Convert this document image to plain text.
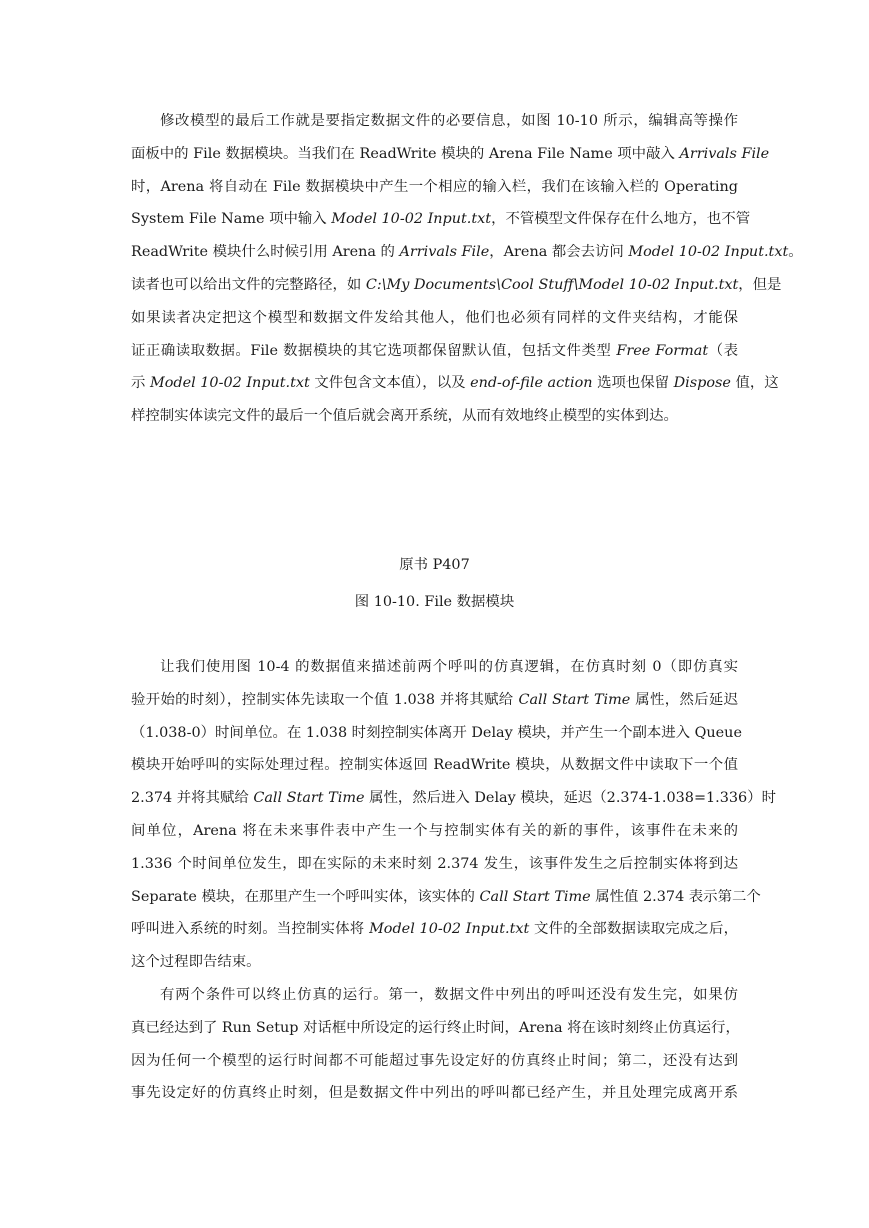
修改模型的最后工作就是要指定数据文件的必要信息，如图 10-10 所示，编辑高等操作
面板中的 File 数据模块。当我们在 ReadWrite 模块的 Arena File Name 项中敲入 Arrivals File
时，Arena 将自动在 File 数据模块中产生一个相应的输入栏，我们在该输入栏的 Operating
System File Name 项中输入 Model 10-02 Input.txt，不管模型文件保存在什么地方，也不管
ReadWrite 模块什么时候引用 Arena 的 Arrivals File，Arena 都会去访问 Model 10-02 Input.txt。
读者也可以给出文件的完整路径，如 C:\My Documents\Cool Stuff\Model 10-02 Input.txt，但是
如果读者决定把这个模型和数据文件发给其他人，他们也必须有同样的文件夹结构，才能保
证正确读取数据。File 数据模块的其它选项都保留默认值，包括文件类型 Free Format（表
示 Model 10-02 Input.txt 文件包含文本值），以及 end-of-file action 选项也保留 Dispose 值，这
样控制实体读完文件的最后一个值后就会离开系统，从而有效地终止模型的实体到达。

原书 P407

图 10-10. File 数据模块

让我们使用图 10-4 的数据值来描述前两个呼叫的仿真逻辑，在仿真时刻 0（即仿真实
验开始的时刻），控制实体先读取一个值 1.038 并将其赋给 Call Start Time 属性，然后延迟
（1.038-0）时间单位。在 1.038 时刻控制实体离开 Delay 模块，并产生一个副本进入 Queue
模块开始呼叫的实际处理过程。控制实体返回 ReadWrite 模块，从数据文件中读取下一个值
2.374 并将其赋给 Call Start Time 属性，然后进入 Delay 模块，延迟（2.374-1.038=1.336）时
间单位，Arena 将在未来事件表中产生一个与控制实体有关的新的事件，该事件在未来的
1.336 个时间单位发生，即在实际的未来时刻 2.374 发生，该事件发生之后控制实体将到达
Separate 模块，在那里产生一个呼叫实体，该实体的 Call Start Time 属性值 2.374 表示第二个
呼叫进入系统的时刻。当控制实体将 Model 10-02 Input.txt 文件的全部数据读取完成之后，
这个过程即告结束。
有两个条件可以终止仿真的运行。第一，数据文件中列出的呼叫还没有发生完，如果仿
真已经达到了 Run Setup 对话框中所设定的运行终止时间，Arena 将在该时刻终止仿真运行，
因为任何一个模型的运行时间都不可能超过事先设定好的仿真终止时间；第二，还没有达到
事先设定好的仿真终止时刻，但是数据文件中列出的呼叫都已经产生，并且处理完成离开系
